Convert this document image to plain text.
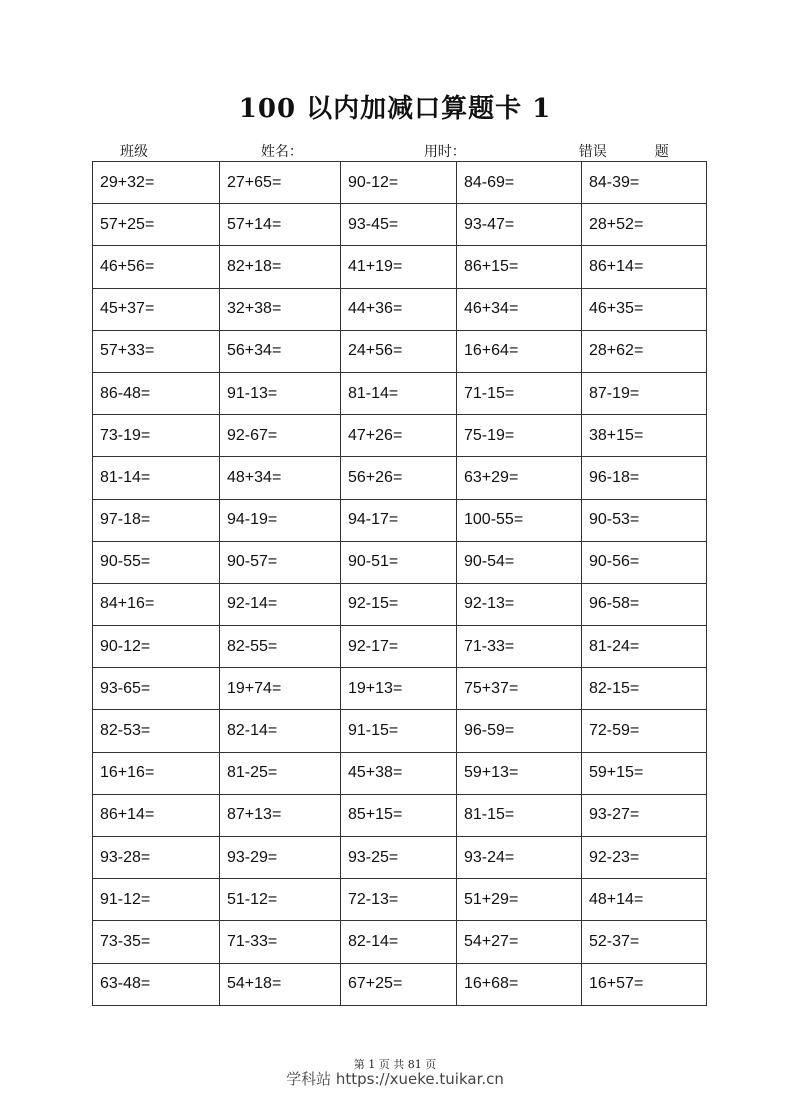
100 以内加减口算题卡 1
班级	姓名：	用时：	错误	题
29+32=	27+65=	90-12=	84-69=	84-39=
57+25=	57+14=	93-45=	93-47=	28+52=
46+56=	82+18=	41+19=	86+15=	86+14=
45+37=	32+38=	44+36=	46+34=	46+35=
57+33=	56+34=	24+56=	16+64=	28+62=
86-48=	91-13=	81-14=	71-15=	87-19=
73-19=	92-67=	47+26=	75-19=	38+15=
81-14=	48+34=	56+26=	63+29=	96-18=
97-18=	94-19=	94-17=	100-55=	90-53=
90-55=	90-57=	90-51=	90-54=	90-56=
84+16=	92-14=	92-15=	92-13=	96-58=
90-12=	82-55=	92-17=	71-33=	81-24=
93-65=	19+74=	19+13=	75+37=	82-15=
82-53=	82-14=	91-15=	96-59=	72-59=
16+16=	81-25=	45+38=	59+13=	59+15=
86+14=	87+13=	85+15=	81-15=	93-27=
93-28=	93-29=	93-25=	93-24=	92-23=
91-12=	51-12=	72-13=	51+29=	48+14=
73-35=	71-33=	82-14=	54+27=	52-37=
63-48=	54+18=	67+25=	16+68=	16+57=
第 1 页 共 81 页
学科站 https://xueke.tuikar.cn
